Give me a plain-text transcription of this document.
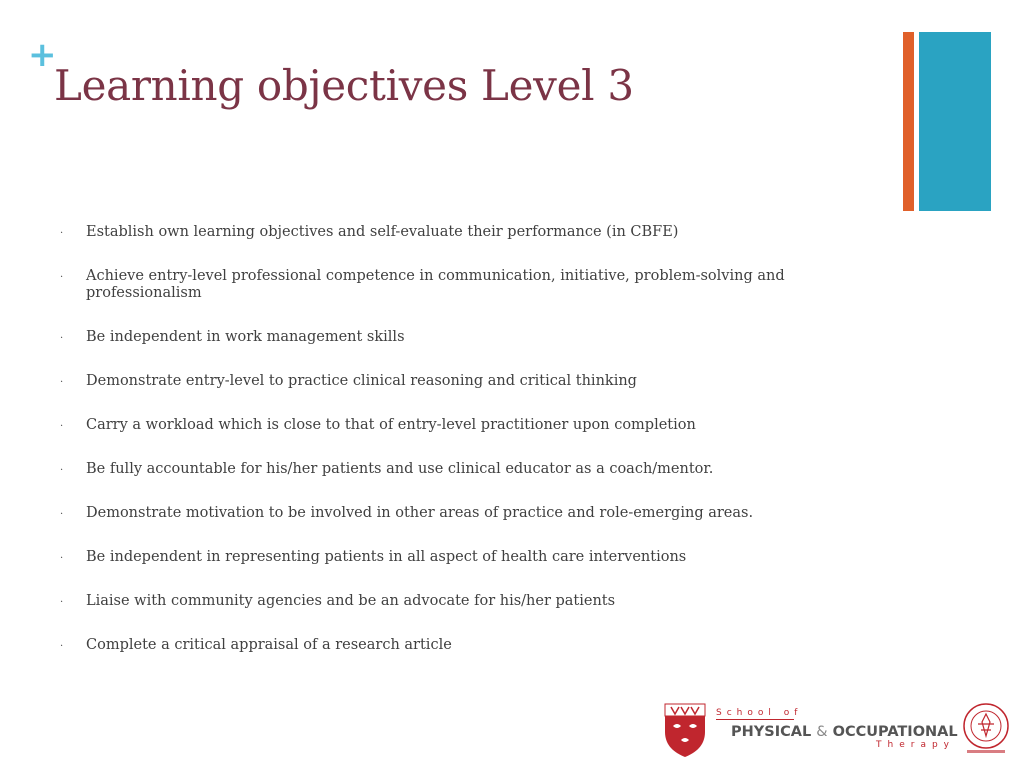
+
Learning objectives Level 3
· Establish own learning objectives and self-evaluate their performance (in CBFE)
· Achieve entry-level professional competence in communication, initiative, problem-solving and professionalism
· Be independent in work management skills
· Demonstrate entry-level to practice clinical reasoning and critical thinking
· Carry a workload which is close to that of entry-level practitioner upon completion
· Be fully accountable for his/her patients and use clinical educator as a coach/mentor.
· Demonstrate motivation to be involved in other areas of practice and role-emerging areas.
· Be independent in representing patients in all aspect of health care interventions
· Liaise with community agencies and be an advocate for his/her patients
· Complete a critical appraisal of a research article
School of
PHYSICAL & OCCUPATIONAL
Therapy
